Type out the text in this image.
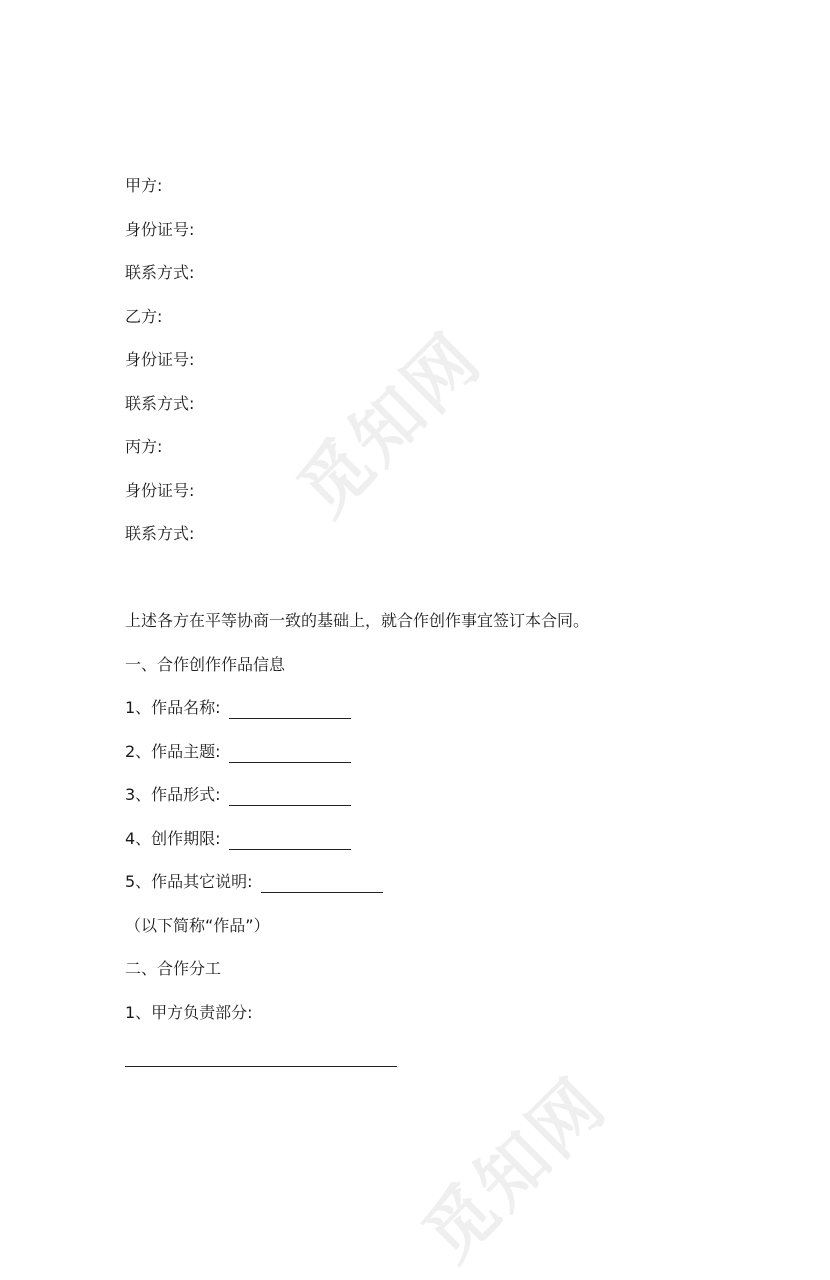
觅知网
觅知网
甲方:
身份证号:
联系方式:
乙方:
身份证号:
联系方式:
丙方:
身份证号:
联系方式:
上述各方在平等协商一致的基础上，就合作创作事宜签订本合同。
一、合作创作作品信息
1、作品名称:
2、作品主题:
3、作品形式:
4、创作期限:
5、作品其它说明:
（以下简称“作品”）
二、合作分工
1、甲方负责部分:
